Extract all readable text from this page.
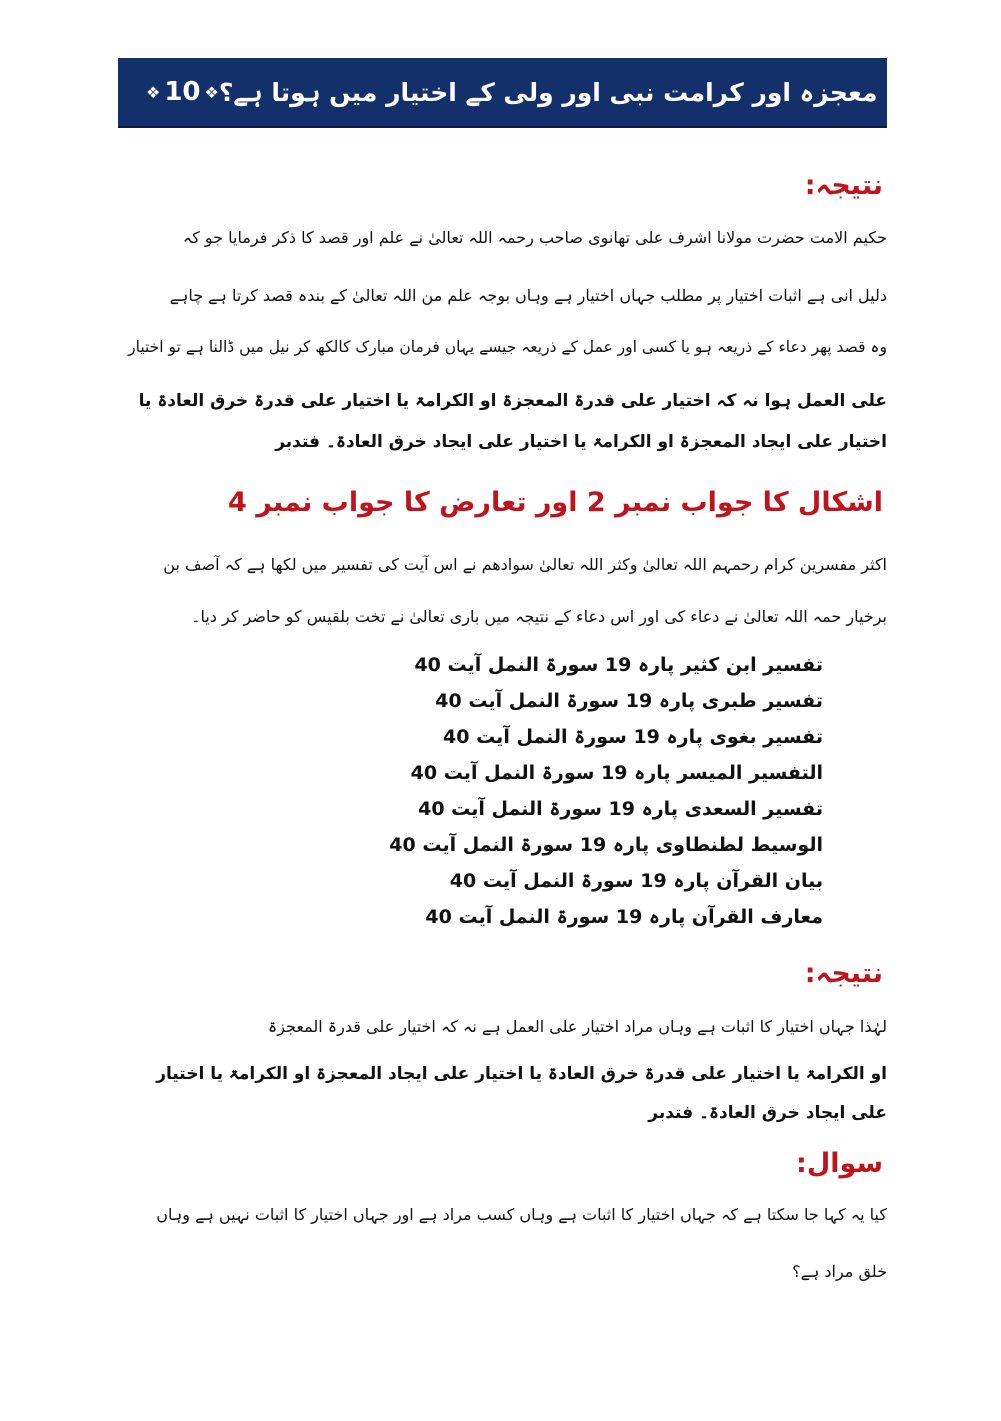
❖ 10 ❖ کیا معجزہ اور کرامت نبی اور ولی کے اختیار میں ہوتا ہے؟
نتیجہ:
حکیم الامت حضرت مولانا اشرف علی تھانوی صاحب رحمہ اللہ تعالیٰ نے علم اور قصد کا ذکر فرمایا جو کہ
دلیل انی ہے اثبات اختیار پر مطلب جہاں اختیار ہے وہاں بوجہ علم من اللہ تعالیٰ کے بندہ قصد کرتا ہے چاہے
وہ قصد پھر دعاء کے ذریعہ ہو یا کسی اور عمل کے ذریعہ جیسے یہاں فرمان مبارک کالکھ کر نیل میں ڈالنا ہے تو اختیار
علی العمل ہوا نہ کہ اختیار علی قدرۃ المعجزۃ او الکرامۃ یا اختیار علی قدرۃ خرق العادۃ یا
اختیار علی ایجاد المعجزۃ او الکرامۃ یا اختیار علی ایجاد خرق العادۃ۔ فتدبر
اشکال کا جواب نمبر 2 اور تعارض کا جواب نمبر 4
اکثر مفسرین کرام رحمہم اللہ تعالیٰ وکثر اللہ تعالیٰ سوادھم نے اس آیت کی تفسیر میں لکھا ہے کہ آصف بن
برخیار حمہ اللہ تعالیٰ نے دعاء کی اور اس دعاء کے نتیجہ میں باری تعالیٰ نے تخت بلقیس کو حاضر کر دیا۔
تفسیر ابن کثیر پارہ 19 سورۃ النمل آیت 40
تفسیر طبری پارہ 19 سورۃ النمل آیت 40
تفسیر بغوی پارہ 19 سورۃ النمل آیت 40
التفسیر المیسر پارہ 19 سورۃ النمل آیت 40
تفسیر السعدی پارہ 19 سورۃ النمل آیت 40
الوسیط لطنطاوی پارہ 19 سورۃ النمل آیت 40
بیان القرآن پارہ 19 سورۃ النمل آیت 40
معارف القرآن پارہ 19 سورۃ النمل آیت 40
نتیجہ:
لہٰذا جہاں اختیار کا اثبات ہے وہاں مراد اختیار علی العمل ہے نہ کہ اختیار علی قدرۃ المعجزۃ
او الکرامۃ یا اختیار علی قدرۃ خرق العادۃ یا اختیار علی ایجاد المعجزۃ او الکرامۃ یا اختیار
علی ایجاد خرق العادۃ۔ فتدبر
سوال:
کیا یہ کہا جا سکتا ہے کہ جہاں اختیار کا اثبات ہے وہاں کسب مراد ہے اور جہاں اختیار کا اثبات نہیں ہے وہاں
خلق مراد ہے؟
